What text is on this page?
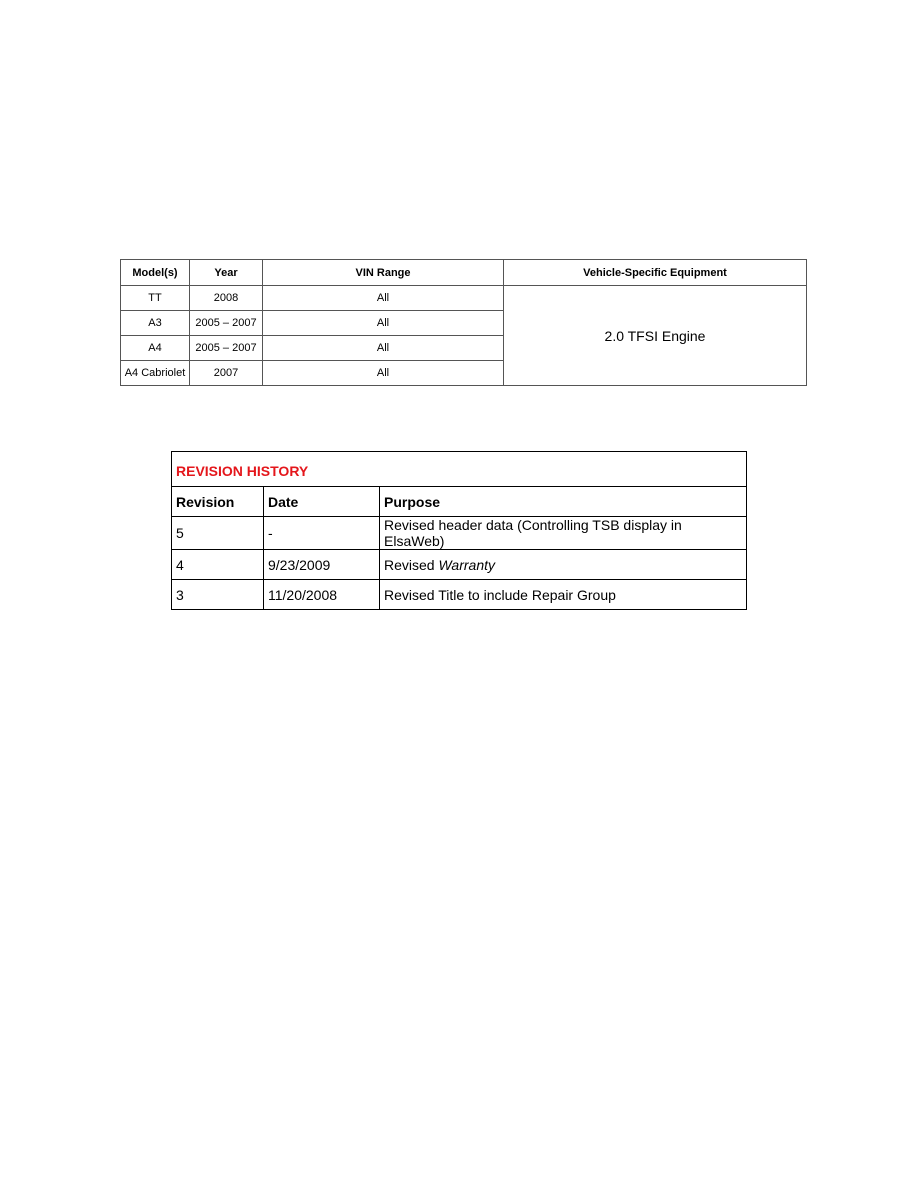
Model(s)	Year	VIN Range	Vehicle-Specific Equipment
TT	2008	All	2.0 TFSI Engine
A3	2005 – 2007	All	
A4	2005 – 2007	All	
A4 Cabriolet	2007	All	
REVISION HISTORY		
Revision	Date	Purpose
5	-	Revised header data (Controlling TSB display in ElsaWeb)
4	9/23/2009	Revised Warranty
3	11/20/2008	Revised Title to include Repair Group
